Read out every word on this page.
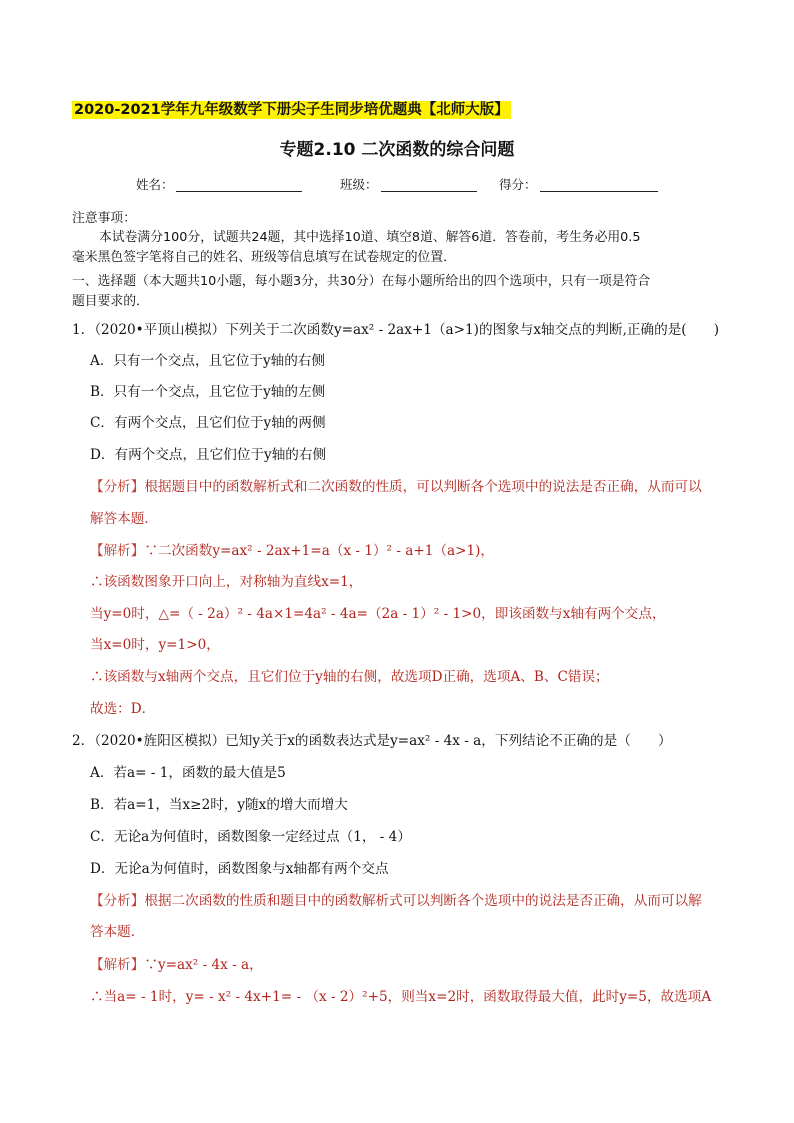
2020-2021学年九年级数学下册尖子生同步培优题典【北师大版】
专题2.10 二次函数的综合问题
姓名：	班级：	得分：
注意事项：
本试卷满分100分，试题共24题，其中选择10道、填空8道、解答6道．答卷前，考生务必用0.5
毫米黑色签字笔将自己的姓名、班级等信息填写在试卷规定的位置．
一、选择题（本大题共10小题，每小题3分，共30分）在每小题所给出的四个选项中，只有一项是符合
题目要求的．
1．（2020•平顶山模拟）下列关于二次函数y=ax² - 2ax+1（a>1)的图象与x轴交点的判断,正确的是(　　)
A．只有一个交点，且它位于y轴的右侧
B．只有一个交点，且它位于y轴的左侧
C．有两个交点，且它们位于y轴的两侧
D．有两个交点，且它们位于y轴的右侧
【分析】根据题目中的函数解析式和二次函数的性质，可以判断各个选项中的说法是否正确，从而可以
解答本题．
【解析】∵二次函数y=ax² - 2ax+1=a（x - 1）² - a+1（a>1)，
∴该函数图象开口向上，对称轴为直线x=1，
当y=0时，△=（ - 2a）² - 4a×1=4a² - 4a=（2a - 1）² - 1>0，即该函数与x轴有两个交点，
当x=0时，y=1>0，
∴该函数与x轴两个交点，且它们位于y轴的右侧，故选项D正确，选项A、B、C错误；
故选：D．
2．（2020•旌阳区模拟）已知y关于x的函数表达式是y=ax² - 4x - a，下列结论不正确的是（　　）
A．若a= - 1，函数的最大值是5
B．若a=1，当x≥2时，y随x的增大而增大
C．无论a为何值时，函数图象一定经过点（1， - 4）
D．无论a为何值时，函数图象与x轴都有两个交点
【分析】根据二次函数的性质和题目中的函数解析式可以判断各个选项中的说法是否正确，从而可以解
答本题．
【解析】∵y=ax² - 4x - a，
∴当a= - 1时，y= - x² - 4x+1= - （x - 2）²+5，则当x=2时，函数取得最大值，此时y=5，故选项A
